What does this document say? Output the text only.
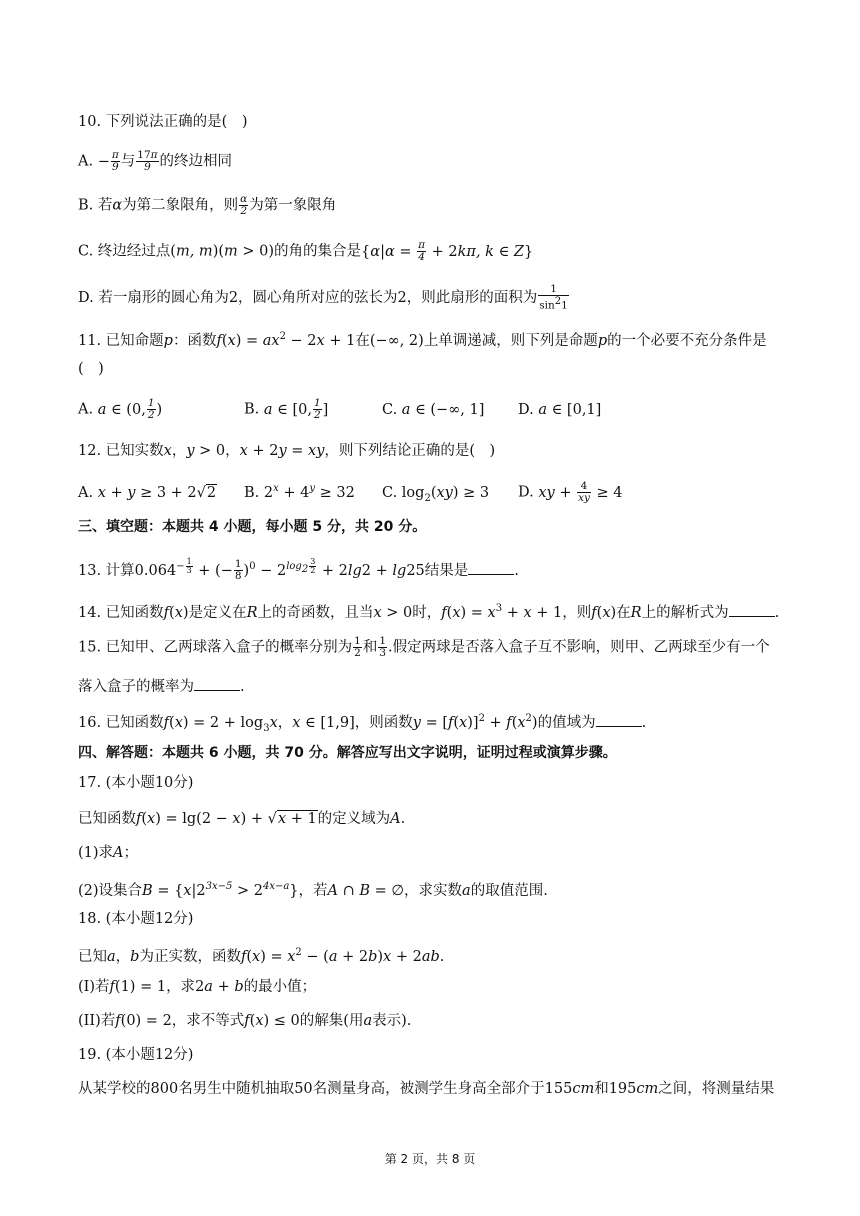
10. 下列说法正确的是(　)
A. − $\frac{\pi}{9}$ 与 $\frac{17\pi}{9}$ 的终边相同
B. 若α为第二象限角，则 $\frac{\alpha}{2}$ 为第一象限角
C. 终边经过点(m, m)(m > 0)的角的集合是{$\alpha|\alpha = \frac{\pi}{4} + 2k\pi$, k ∈ Z}
D. 若一扇形的圆心角为2，圆心角所对应的弦长为2，则此扇形的面积为 $\frac{1}{\sin^21}$
11. 已知命题p：函数$f(x) = ax^2 - 2x + 1$在(−∞, 2)上单调递减，则下列是命题p的一个必要不充分条件是
(　)
A. a ∈ (0, $\frac{1}{2}$ )	B. a ∈ [0, $\frac{1}{2}$ ]	C. a ∈ (−∞, 1] D. a ∈ [0,1]
12. 已知实数x，y > 0，x + 2y = xy，则下列结论正确的是(　)
A. x + y ≥ 3 + 2√2 B. $2^x + 4^y \ge 32$ C. $\log_2(xy) \ge 3$ D. xy + $\frac{4}{xy} \ge 4$
三、填空题：本题共 4 小题，每小题 5 分，共 20 分。
13. 计算$0.064^{- \frac{1}{3}}$ + (− $\frac{1}{8} )^0 - 2^{log_2 \frac{3}{2}} + 2\lg 2 + \lg 25$结果是	.
14. 已知函数f(x)是定义在R上的奇函数，且当x > 0时，$f(x) = x^3 + x + 1$，则f(x)在R上的解析式为	.
15. 已知甲、乙两球落入盒子的概率分别为 $\frac{1}{2}$ 和 $\frac{1}{3}$ .假定两球是否落入盒子互不影响，则甲、乙两球至少有一个
落入盒子的概率为	.
16. 已知函数$f(x) = 2 + \log_3x$，x ∈ [1,9]，则函数$y = [f(x)]^2 + f(x^2)$的值域为	.
四、解答题：本题共 6 小题，共 70 分。解答应写出文字说明，证明过程或演算步骤。
17. (本小题10分)
已知函数f(x) = lg(2 − x) + √x + 1的定义域为A.
(1)求A；
(2)设集合$B = \{x|2^{3x-5} > 2^{4x-a}\}$，若A ∩ B = ∅，求实数a的取值范围.
18. (本小题12分)
已知a，b为正实数，函数$f(x) = x^2 - (a + 2b)x + 2ab$.
(I)若f(1) = 1，求2a + b的最小值；
(II)若f(0) = 2，求不等式f(x) ≤ 0的解集(用a表示).
19. (本小题12分)
从某学校的800名男生中随机抽取50名测量身高，被测学生身高全部介于155cm和195cm之间，将测量结果
第 2 页，共 8 页
